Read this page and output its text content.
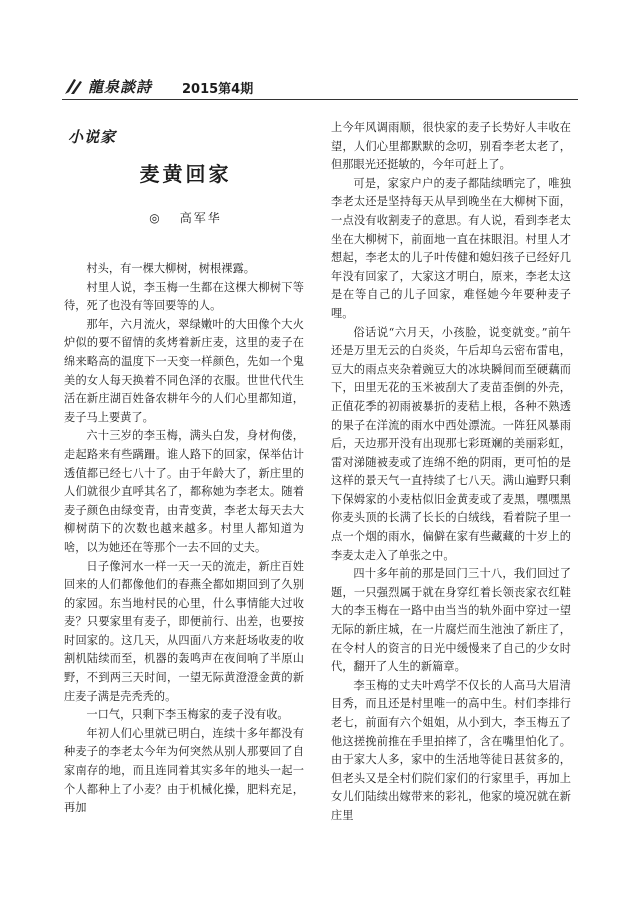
龍泉談詩 2015第4期
小说家
麦黄回家
◎ 高军华

村头，有一棵大柳树，树根裸露。

村里人说，李玉梅一生都在这棵大柳树下等待，死了也没有等回要等的人。

那年，六月流火，翠绿嫩叶的大田像个大火炉似的要不留情的炙烤着新庄麦，这里的麦子在绵来略高的温度下一天变一样颜色，先如一个鬼美的女人每天换着不同色泽的衣服。世世代代生活在新庄湖百姓备农耕年今的人们心里都知道，麦子马上要黄了。

六十三岁的李玉梅，满头白发，身材佝偻，走起路来有些蹒跚。谁人路下的回家，保举估计透值都已经七八十了。由于年龄大了，新庄里的人们就很少直呼其名了，都称她为李老太。随着麦子颜色由绿变青，由青变黄，李老太每天去大柳树荫下的次数也越来越多。村里人都知道为啥，以为她还在等那个一去不回的丈夫。

日子像河水一样一天一天的流走，新庄百姓回来的人们都像他们的春燕全都如期回到了久别的家园。东当地村民的心里，什么事情能大过收麦？只要家里有麦子，即便前行、出差，也要按时回家的。这几天，从四面八方来赶场收麦的收割机陆续而至，机器的轰鸣声在夜间响了半原山野，不到两三天时间，一望无际黄澄澄金黄的新庄麦子满是壳秃秃的。

一口气，只剩下李玉梅家的麦子没有收。

年初人们心里就已明白，连续十多年都没有种麦子的李老太今年为何突然从别人那要回了自家南存的地，而且连同着其实多年的地头一起一个人都种上了小麦？由于机械化操，肥料充足，再加

上今年风调雨顺，很快家的麦子长势好人丰收在望，人们心里都默默的念叨，别看李老太老了，但那眼光还挺敏的，今年可赶上了。

可是，家家户户的麦子都陆续晒完了，唯独李老太还是坚持每天从早到晚坐在大柳树下面，一点没有收割麦子的意思。有人说，看到李老太坐在大柳树下，前面地一直在抹眼泪。村里人才想起，李老太的儿子叶传健和媳妇孩子已经好几年没有回家了，大家这才明白，原来，李老太这是在等自己的儿子回家，难怪她今年要种麦子哩。

俗话说“六月天，小孩脸，说变就变。”前午还是万里无云的白炎炎，午后却乌云密布雷电，豆大的雨点夹杂着豌豆大的冰块瞬间而至硬藕而下，田里无花的玉米被刮大了麦苗歪倒的外壳，正值花季的初雨被暴折的麦秸上根，各种不熟透的果子在洋流的雨水中西处漂流。一阵狂风暴雨后，天边那开没有出现那七彩斑斓的美丽彩虹，雷对涕随被麦或了连绵不绝的阴雨，更可怕的是这样的景天气一直持续了七八天。满山遍野只剩下保姆家的小麦枯似旧金黄麦或了麦黑，嘿嘿黑你麦头顶的长满了长长的白绒线，看着院子里一点一个烟的雨水，偏僻在家有些藏藏的十岁上的李麦太走入了单张之中。

四十多年前的那是回门三十八，我们回过了题，一只强烈属于就在身穿红着长领丧家衣红鞋大的李玉梅在一路中由当当的轨外面中穿过一望无际的新庄城，在一片腐烂而生池浊了新庄了，在令村人的资言的日光中缓慢来了自己的少女时代，翻开了人生的新篇章。

李玉梅的丈夫叶鸡学不仅长的人高马大眉清目秀，而且还是村里唯一的高中生。村们李排行老七，前面有六个姐姐，从小到大，李玉梅五了他这搓挽前推在手里拍摔了，含在嘴里怕化了。由于家大人多，家中的生活地等徒日甚贫多的，但老头又是全村们院们家们的行家里手，再加上女儿们陆续出嫁带来的彩礼，他家的境况就在新庄里
